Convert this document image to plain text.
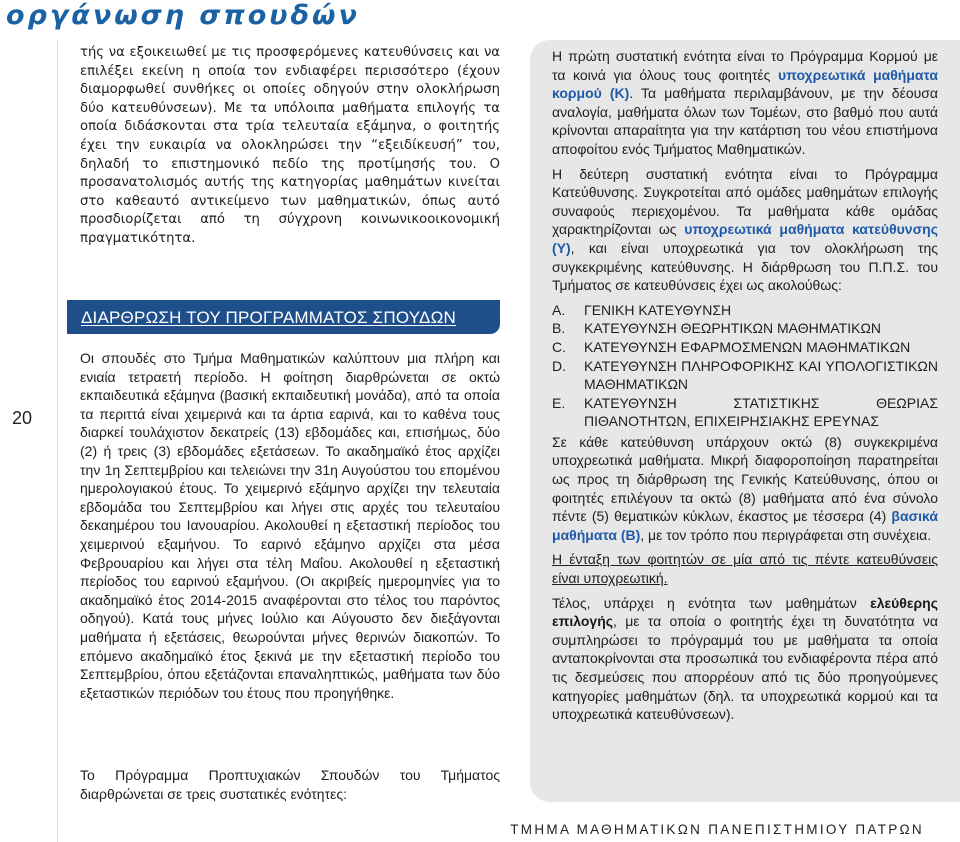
οργάνωση σπουδών
20

τής να εξοικειωθεί με τις προσφερόμενες κατευθύνσεις και να επιλέξει εκείνη η οποία τον ενδιαφέρει περισσότερο (έχουν διαμορφωθεί συνθήκες οι οποίες οδηγούν στην ολοκλήρωση δύο κατευθύνσεων). Με τα υπόλοιπα μαθήματα επιλογής τα οποία διδάσκονται στα τρία τελευταία εξάμηνα, ο φοιτητής έχει την ευκαιρία να ολοκληρώσει την “εξειδίκευσή” του, δηλαδή το επιστημονικό πεδίο της προτίμησής του. Ο προσανατολισμός αυτής της κατηγορίας μαθημάτων κινείται στο καθεαυτό αντικείμενο των μαθηματικών, όπως αυτό προσδιορίζεται από τη σύγχρονη κοινωνικοοικονομική πραγματικότητα.

ΔΙΑΡΘΡΩΣΗ ΤΟΥ ΠΡΟΓΡΑΜΜΑΤΟΣ ΣΠΟΥΔΩΝ

Οι σπουδές στο Τμήμα Μαθηματικών καλύπτουν μια πλήρη και ενιαία τετραετή περίοδο. Η φοίτηση διαρθρώνεται σε οκτώ εκπαιδευτικά εξάμηνα (βασική εκπαιδευτική μονάδα), από τα οποία τα περιττά είναι χειμερινά και τα άρτια εαρινά, και το καθένα τους διαρκεί τουλάχιστον δεκατρείς (13) εβδομάδες και, επισήμως, δύο (2) ή τρεις (3) εβδομάδες εξετάσεων. Το ακαδημαϊκό έτος αρχίζει την 1η Σεπτεμβρίου και τελειώνει την 31η Αυγούστου του επομένου ημερολογιακού έτους. Το χειμερινό εξάμηνο αρχίζει την τελευταία εβδομάδα του Σεπτεμβρίου και λήγει στις αρχές του τελευταίου δεκαημέρου του Ιανουαρίου. Ακολουθεί η εξεταστική περίοδος του χειμερινού εξαμήνου. Το εαρινό εξάμηνο αρχίζει στα μέσα Φεβρουαρίου και λήγει στα τέλη Μαΐου. Ακολουθεί η εξεταστική περίοδος του εαρινού εξαμήνου. (Οι ακριβείς ημερομηνίες για το ακαδημαϊκό έτος 2014-2015 αναφέρονται στο τέλος του παρόντος οδηγού). Κατά τους μήνες Ιούλιο και Αύγουστο δεν διεξάγονται μαθήματα ή εξετάσεις, θεωρούνται μήνες θερινών διακοπών. Το επόμενο ακαδημαϊκό έτος ξεκινά με την εξεταστική περίοδο του Σεπτεμβρίου, όπου εξετάζονται επαναληπτικώς, μαθήματα των δύο εξεταστικών περιόδων του έτους που προηγήθηκε.

Το Πρόγραμμα Προπτυχιακών Σπουδών του Τμήματος διαρθρώνεται σε τρεις συστατικές ενότητες:

Η πρώτη συστατική ενότητα είναι το Πρόγραμμα Κορμού με τα κοινά για όλους τους φοιτητές υποχρεωτικά μαθήματα κορμού (Κ). Τα μαθήματα περιλαμβάνουν, με την δέουσα αναλογία, μαθήματα όλων των Τομέων, στο βαθμό που αυτά κρίνονται απαραίτητα για την κατάρτιση του νέου επιστήμονα αποφοίτου ενός Τμήματος Μαθηματικών.

Η δεύτερη συστατική ενότητα είναι το Πρόγραμμα Κατεύθυνσης. Συγκροτείται από ομάδες μαθημάτων επιλογής συναφούς περιεχομένου. Τα μαθήματα κάθε ομάδας χαρακτηρίζονται ως υποχρεωτικά μαθήματα κατεύθυνσης (Υ), και είναι υποχρεωτικά για τον ολοκλήρωση της συγκεκριμένης κατεύθυνσης. Η διάρθρωση του Π.Π.Σ. του Τμήματος σε κατευθύνσεις έχει ως ακολούθως:

A. ΓΕΝΙΚΗ ΚΑΤΕΥΘΥΝΣΗ
B. ΚΑΤΕΥΘΥΝΣΗ ΘΕΩΡΗΤΙΚΩΝ ΜΑΘΗΜΑΤΙΚΩΝ
C. ΚΑΤΕΥΘΥΝΣΗ ΕΦΑΡΜΟΣΜΕΝΩΝ ΜΑΘΗΜΑΤΙΚΩΝ
D. ΚΑΤΕΥΘΥΝΣΗ ΠΛΗΡΟΦΟΡΙΚΗΣ ΚΑΙ ΥΠΟΛΟΓΙΣΤΙΚΩΝ ΜΑΘΗΜΑΤΙΚΩΝ
E. ΚΑΤΕΥΘΥΝΣΗ ΣΤΑΤΙΣΤΙΚΗΣ ΘΕΩΡΙΑΣ ΠΙΘΑΝΟΤΗΤΩΝ, ΕΠΙΧΕΙΡΗΣΙΑΚΗΣ ΕΡΕΥΝΑΣ

Σε κάθε κατεύθυνση υπάρχουν οκτώ (8) συγκεκριμένα υποχρεωτικά μαθήματα. Μικρή διαφοροποίηση παρατηρείται ως προς τη διάρθρωση της Γενικής Κατεύθυνσης, όπου οι φοιτητές επιλέγουν τα οκτώ (8) μαθήματα από ένα σύνολο πέντε (5) θεματικών κύκλων, έκαστος με τέσσερα (4) βασικά μαθήματα (Β), με τον τρόπο που περιγράφεται στη συνέχεια.

Η ένταξη των φοιτητών σε μία από τις πέντε κατευθύνσεις είναι υποχρεωτική.

Τέλος, υπάρχει η ενότητα των μαθημάτων ελεύθερης επιλογής, με τα οποία ο φοιτητής έχει τη δυνατότητα να συμπληρώσει το πρόγραμμά του με μαθήματα τα οποία ανταποκρίνονται στα προσωπικά του ενδιαφέροντα πέρα από τις δεσμεύσεις που απορρέουν από τις δύο προηγούμενες κατηγορίες μαθημάτων (δηλ. τα υποχρεωτικά κορμού και τα υποχρεωτικά κατευθύνσεων).

ΤΜΗΜΑ ΜΑΘΗΜΑΤΙΚΩΝ ΠΑΝΕΠΙΣΤΗΜΙΟΥ ΠΑΤΡΩΝ
